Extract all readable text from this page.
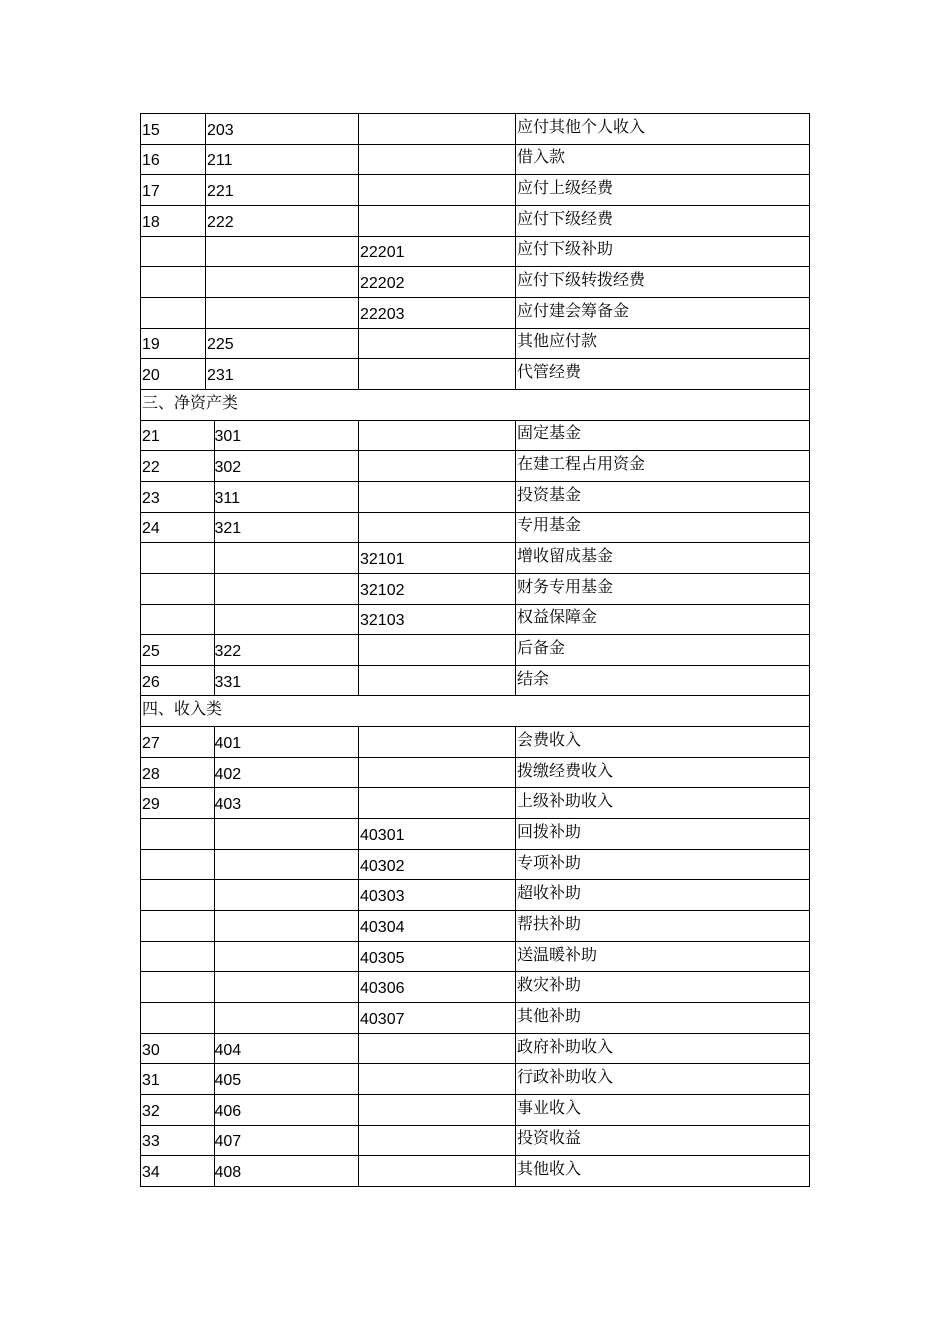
15	203		应付其他个人收入
16	211		借入款
17	221		应付上级经费
18	222		应付下级经费
		22201	应付下级补助
		22202	应付下级转拨经费
		22203	应付建会筹备金
19	225		其他应付款
20	231		代管经费
三、净资产类			
21	301		固定基金
22	302		在建工程占用资金
23	311		投资基金
24	321		专用基金
		32101	增收留成基金
		32102	财务专用基金
		32103	权益保障金
25	322		后备金
26	331		结余
四、收入类			
27	401		会费收入
28	402		拨缴经费收入
29	403		上级补助收入
		40301	回拨补助
		40302	专项补助
		40303	超收补助
		40304	帮扶补助
		40305	送温暖补助
		40306	救灾补助
		40307	其他补助
30	404		政府补助收入
31	405		行政补助收入
32	406		事业收入
33	407		投资收益
34	408		其他收入
